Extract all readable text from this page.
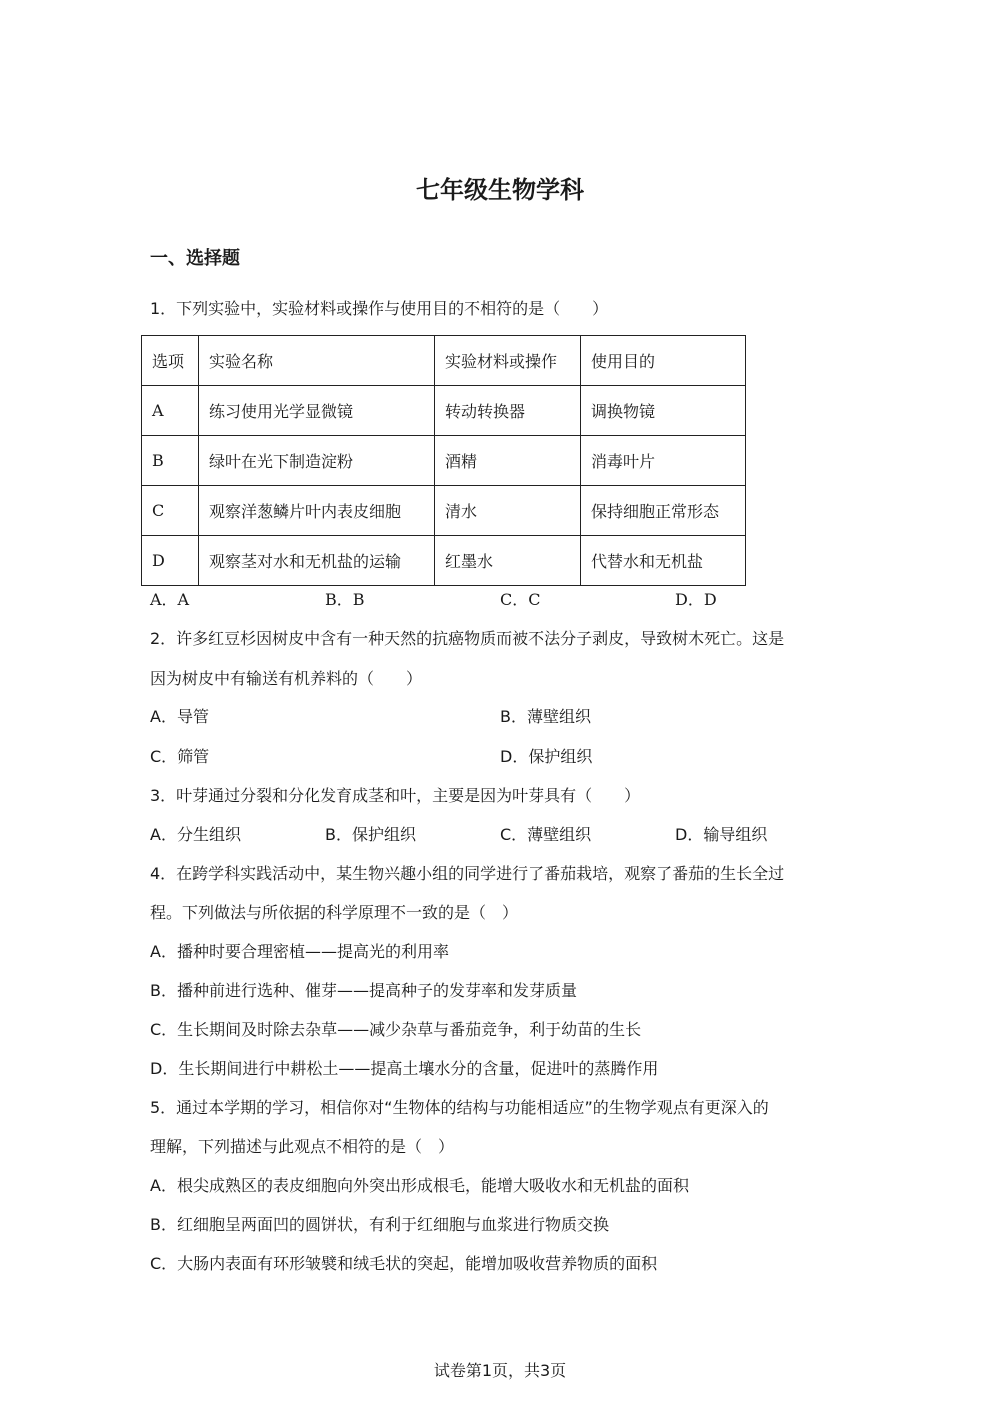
七年级生物学科
一、选择题
1．下列实验中，实验材料或操作与使用目的不相符的是（　　）
选项	实验名称	实验材料或操作	使用目的
A	练习使用光学显微镜	转动转换器	调换物镜
B	绿叶在光下制造淀粉	酒精	消毒叶片
C	观察洋葱鳞片叶内表皮细胞	清水	保持细胞正常形态
D	观察茎对水和无机盐的运输	红墨水	代替水和无机盐
A．A	B．B	C．C	D．D
2．许多红豆杉因树皮中含有一种天然的抗癌物质而被不法分子剥皮，导致树木死亡。这是
因为树皮中有输送有机养料的（　　）
A．导管	B．薄壁组织
C．筛管	D．保护组织
3．叶芽通过分裂和分化发育成茎和叶，主要是因为叶芽具有（　　）
A．分生组织	B．保护组织	C．薄壁组织	D．输导组织
4．在跨学科实践活动中，某生物兴趣小组的同学进行了番茄栽培，观察了番茄的生长全过
程。下列做法与所依据的科学原理不一致的是（　）
A．播种时要合理密植——提高光的利用率
B．播种前进行选种、催芽——提高种子的发芽率和发芽质量
C．生长期间及时除去杂草——减少杂草与番茄竞争，利于幼苗的生长
D．生长期间进行中耕松土——提高土壤水分的含量，促进叶的蒸腾作用
5．通过本学期的学习，相信你对“生物体的结构与功能相适应”的生物学观点有更深入的
理解，下列描述与此观点不相符的是（　）
A．根尖成熟区的表皮细胞向外突出形成根毛，能增大吸收水和无机盐的面积
B．红细胞呈两面凹的圆饼状，有利于红细胞与血浆进行物质交换
C．大肠内表面有环形皱襞和绒毛状的突起，能增加吸收营养物质的面积
试卷第1页，共3页
